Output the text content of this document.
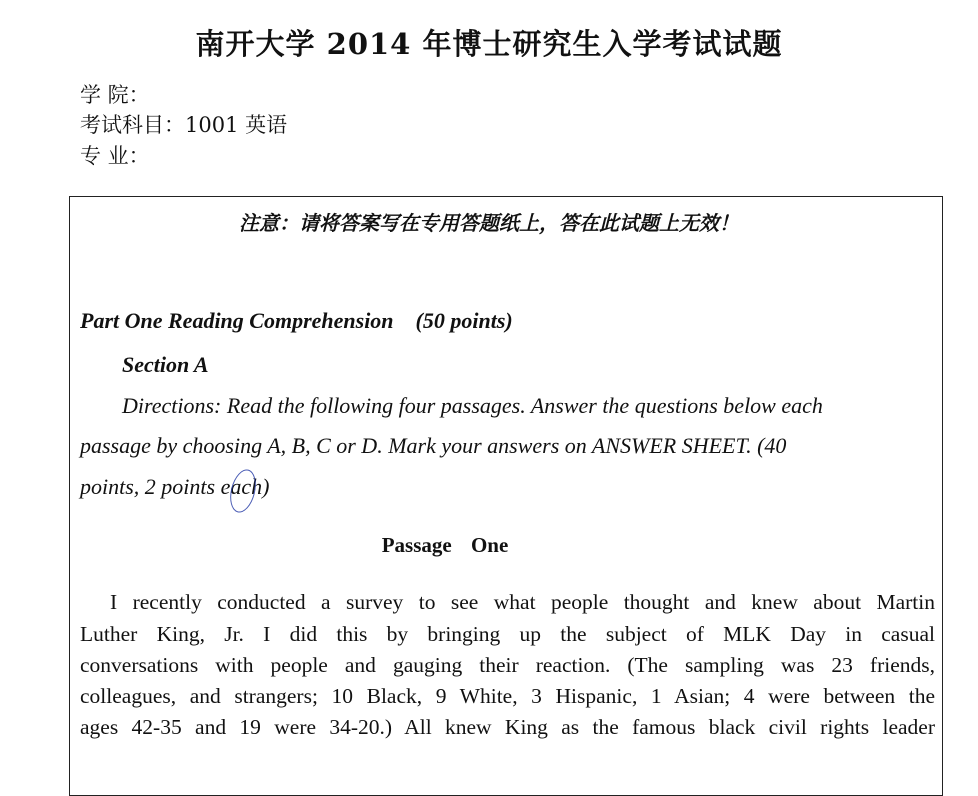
南开大学 2014 年博士研究生入学考试试题
学 院：
考试科目：1001 英语
专 业：
注意：请将答案写在专用答题纸上，答在此试题上无效！
Part One Reading Comprehension (50 points)
Section A
Directions: Read the following four passages. Answer the questions below each
passage by choosing A, B, C or D. Mark your answers on ANSWER SHEET. (40
points, 2 points each)
Passage One
I recently conducted a survey to see what people thought and knew about Martin
Luther King, Jr. I did this by bringing up the subject of MLK Day in casual
conversations with people and gauging their reaction. (The sampling was 23 friends,
colleagues, and strangers; 10 Black, 9 White, 3 Hispanic, 1 Asian; 4 were between the
ages 42-35 and 19 were 34-20.) All knew King as the famous black civil rights leader
